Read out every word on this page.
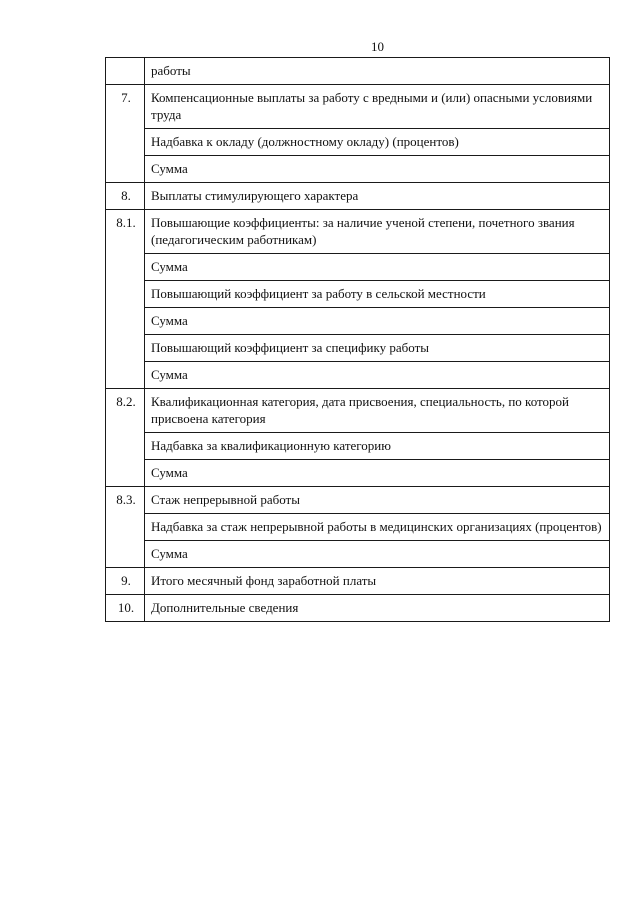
10

	работы

7.	Компенсационные выплаты за работу с вредными и (или) опасными условиями труда

	Надбавка к окладу (должностному окладу) (процентов)

	Сумма

8.	Выплаты стимулирующего характера

8.1.	Повышающие коэффициенты: за наличие ученой степени, почетного звания (педагогическим работникам)

	Сумма

	Повышающий коэффициент за работу в сельской местности

	Сумма

	Повышающий коэффициент за специфику работы

	Сумма

8.2.	Квалификационная категория, дата присвоения, специальность, по которой присвоена категория

	Надбавка за квалификационную категорию

	Сумма

8.3.	Стаж непрерывной работы

	Надбавка за стаж непрерывной работы в медицинских организациях (процентов)

	Сумма

9.	Итого месячный фонд заработной платы

10.	Дополнительные сведения
